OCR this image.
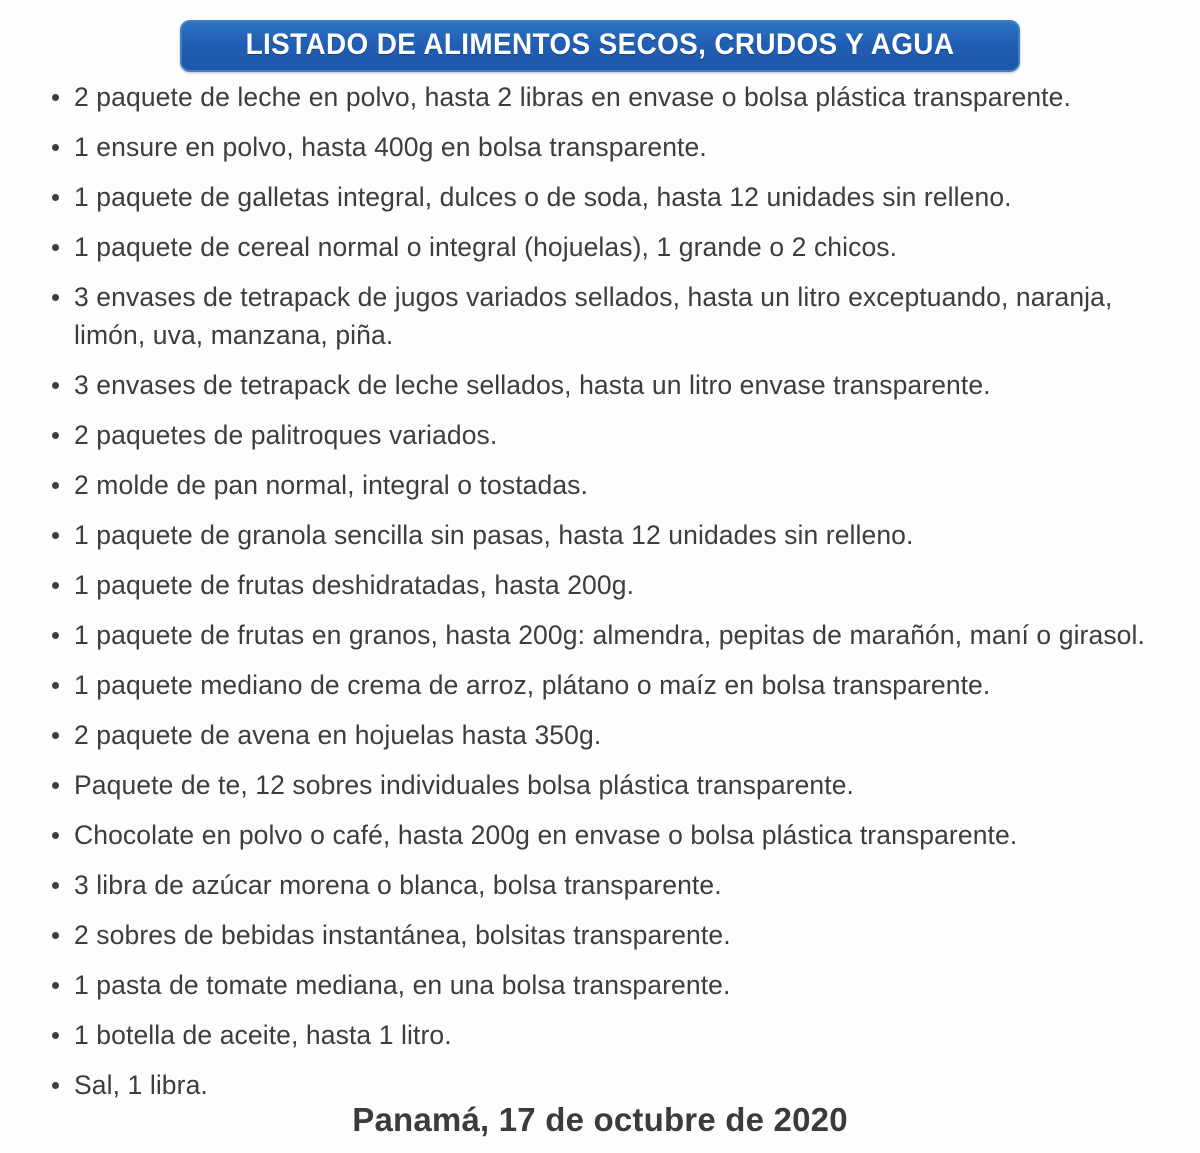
LISTADO DE ALIMENTOS SECOS, CRUDOS Y AGUA
2 paquete de leche en polvo, hasta 2 libras en envase o bolsa plástica transparente.
1 ensure en polvo, hasta 400g en bolsa transparente.
1 paquete de galletas integral, dulces o de soda, hasta 12 unidades sin relleno.
1 paquete de cereal normal o integral (hojuelas), 1 grande o 2 chicos.
3 envases de tetrapack de jugos variados sellados, hasta un litro exceptuando, naranja, limón, uva, manzana, piña.
3 envases de tetrapack de leche sellados, hasta un litro envase transparente.
2 paquetes de palitroques variados.
2 molde de pan normal, integral o tostadas.
1 paquete de granola sencilla sin pasas, hasta 12 unidades sin relleno.
1 paquete de frutas deshidratadas, hasta 200g.
1 paquete de frutas en granos, hasta 200g: almendra, pepitas de marañón, maní o girasol.
1 paquete mediano de crema de arroz, plátano o maíz en bolsa transparente.
2 paquete de avena en hojuelas hasta 350g.
Paquete de te, 12 sobres individuales bolsa plástica transparente.
Chocolate en polvo o café, hasta 200g en envase o bolsa plástica transparente.
3 libra de azúcar morena o blanca, bolsa transparente.
2 sobres de bebidas instantánea, bolsitas transparente.
1 pasta de tomate mediana, en una bolsa transparente.
1 botella de aceite, hasta 1 litro.
Sal, 1 libra.
Panamá, 17 de octubre de 2020
